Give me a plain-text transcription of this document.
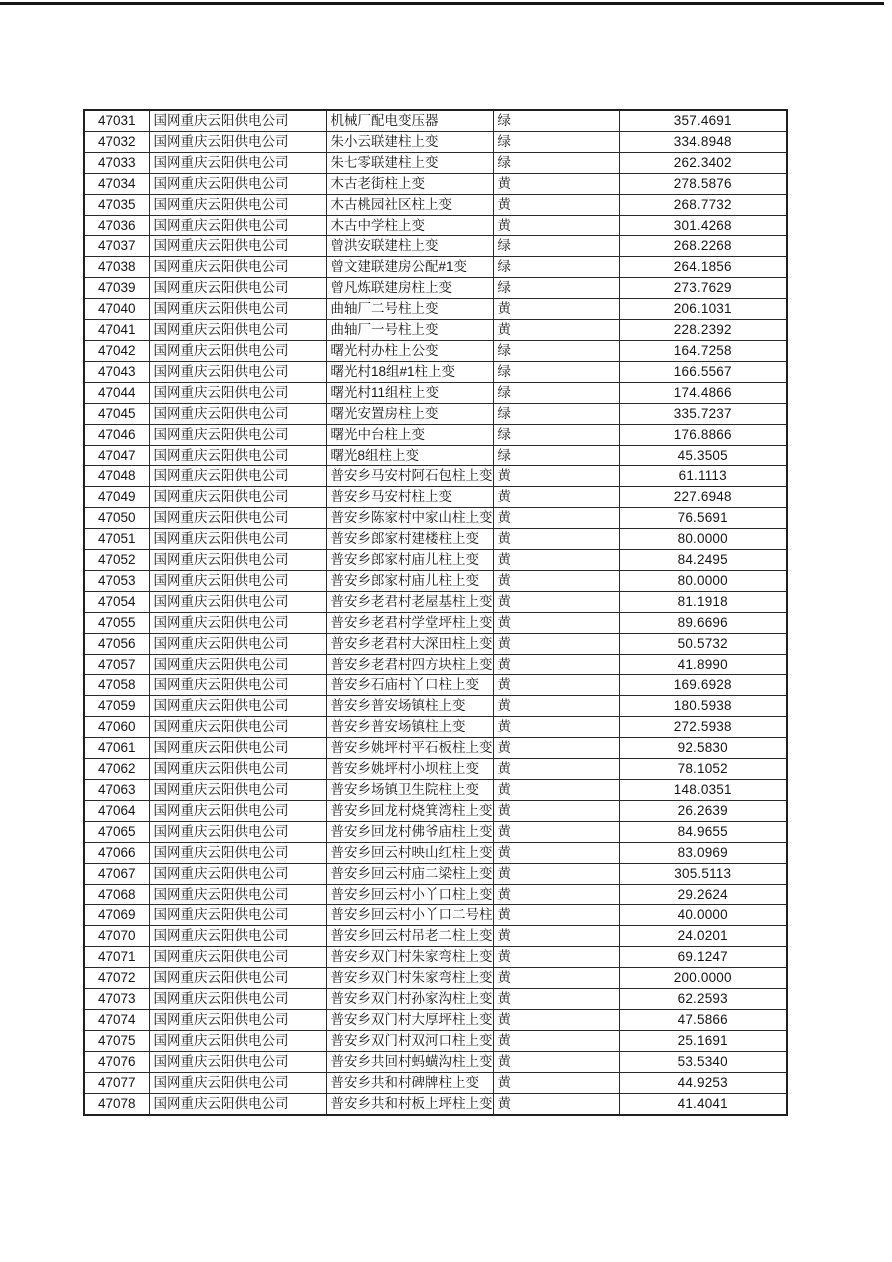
47031	国网重庆云阳供电公司	机械厂配电变压器	绿	357.4691
47032	国网重庆云阳供电公司	朱小云联建柱上变	绿	334.8948
47033	国网重庆云阳供电公司	朱七零联建柱上变	绿	262.3402
47034	国网重庆云阳供电公司	木古老街柱上变	黄	278.5876
47035	国网重庆云阳供电公司	木古桃园社区柱上变	黄	268.7732
47036	国网重庆云阳供电公司	木古中学柱上变	黄	301.4268
47037	国网重庆云阳供电公司	曾洪安联建柱上变	绿	268.2268
47038	国网重庆云阳供电公司	曾文建联建房公配#1变	绿	264.1856
47039	国网重庆云阳供电公司	曾凡炼联建房柱上变	绿	273.7629
47040	国网重庆云阳供电公司	曲轴厂二号柱上变	黄	206.1031
47041	国网重庆云阳供电公司	曲轴厂一号柱上变	黄	228.2392
47042	国网重庆云阳供电公司	曙光村办柱上公变	绿	164.7258
47043	国网重庆云阳供电公司	曙光村18组#1柱上变	绿	166.5567
47044	国网重庆云阳供电公司	曙光村11组柱上变	绿	174.4866
47045	国网重庆云阳供电公司	曙光安置房柱上变	绿	335.7237
47046	国网重庆云阳供电公司	曙光中台柱上变	绿	176.8866
47047	国网重庆云阳供电公司	曙光8组柱上变	绿	45.3505
47048	国网重庆云阳供电公司	普安乡马安村阿石包柱上变	黄	61.1113
47049	国网重庆云阳供电公司	普安乡马安村柱上变	黄	227.6948
47050	国网重庆云阳供电公司	普安乡陈家村中家山柱上变	黄	76.5691
47051	国网重庆云阳供电公司	普安乡郎家村建楼柱上变	黄	80.0000
47052	国网重庆云阳供电公司	普安乡郎家村庙儿柱上变	黄	84.2495
47053	国网重庆云阳供电公司	普安乡郎家村庙儿柱上变	黄	80.0000
47054	国网重庆云阳供电公司	普安乡老君村老屋基柱上变	黄	81.1918
47055	国网重庆云阳供电公司	普安乡老君村学堂坪柱上变	黄	89.6696
47056	国网重庆云阳供电公司	普安乡老君村大深田柱上变	黄	50.5732
47057	国网重庆云阳供电公司	普安乡老君村四方块柱上变	黄	41.8990
47058	国网重庆云阳供电公司	普安乡石庙村丫口柱上变	黄	169.6928
47059	国网重庆云阳供电公司	普安乡普安场镇柱上变	黄	180.5938
47060	国网重庆云阳供电公司	普安乡普安场镇柱上变	黄	272.5938
47061	国网重庆云阳供电公司	普安乡姚坪村平石板柱上变	黄	92.5830
47062	国网重庆云阳供电公司	普安乡姚坪村小坝柱上变	黄	78.1052
47063	国网重庆云阳供电公司	普安乡场镇卫生院柱上变	黄	148.0351
47064	国网重庆云阳供电公司	普安乡回龙村烧箕湾柱上变	黄	26.2639
47065	国网重庆云阳供电公司	普安乡回龙村佛爷庙柱上变	黄	84.9655
47066	国网重庆云阳供电公司	普安乡回云村映山红柱上变	黄	83.0969
47067	国网重庆云阳供电公司	普安乡回云村庙二梁柱上变	黄	305.5113
47068	国网重庆云阳供电公司	普安乡回云村小丫口柱上变	黄	29.2624
47069	国网重庆云阳供电公司	普安乡回云村小丫口二号柱	黄	40.0000
47070	国网重庆云阳供电公司	普安乡回云村吊老二柱上变	黄	24.0201
47071	国网重庆云阳供电公司	普安乡双门村朱家弯柱上变	黄	69.1247
47072	国网重庆云阳供电公司	普安乡双门村朱家弯柱上变	黄	200.0000
47073	国网重庆云阳供电公司	普安乡双门村孙家沟柱上变	黄	62.2593
47074	国网重庆云阳供电公司	普安乡双门村大厚坪柱上变	黄	47.5866
47075	国网重庆云阳供电公司	普安乡双门村双河口柱上变	黄	25.1691
47076	国网重庆云阳供电公司	普安乡共回村蚂蟥沟柱上变	黄	53.5340
47077	国网重庆云阳供电公司	普安乡共和村碑牌柱上变	黄	44.9253
47078	国网重庆云阳供电公司	普安乡共和村板上坪柱上变	黄	41.4041
